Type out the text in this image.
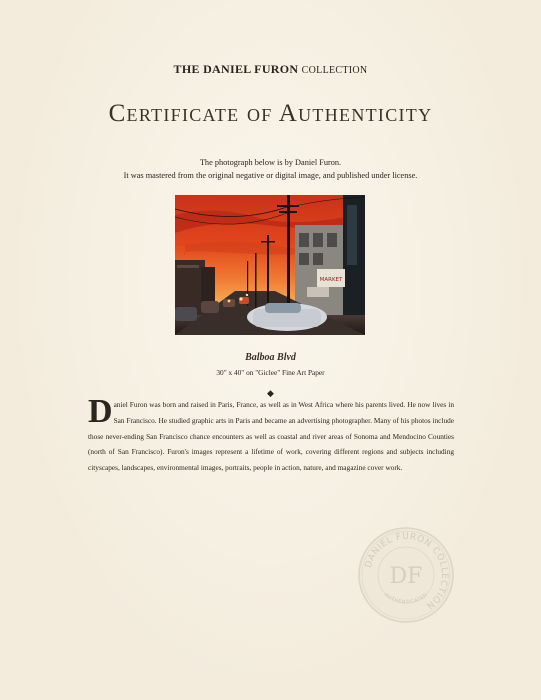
THE DANIEL FURON COLLECTION
Certificate of Authenticity
The photograph below is by Daniel Furon.
It was mastered from the original negative or digital image, and published under license.
MARKET
Balboa Blvd
30" x 40" on "Giclee" Fine Art Paper
◆
Daniel Furon was born and raised in Paris, France, as well as in West Africa where his parents lived. He now lives in San Francisco. He studied graphic arts in Paris and became an advertising photographer. Many of his photos include those never-ending San Francisco chance encounters as well as coastal and river areas of Sonoma and Mendocino Counties (north of San Francisco). Furon's images represent a lifetime of work, covering different regions and subjects including cityscapes, landscapes, environmental images, portraits, people in action, nature, and magazine cover work.
DANIEL FURON COLLECTION
DF
AUTHENTICATED
